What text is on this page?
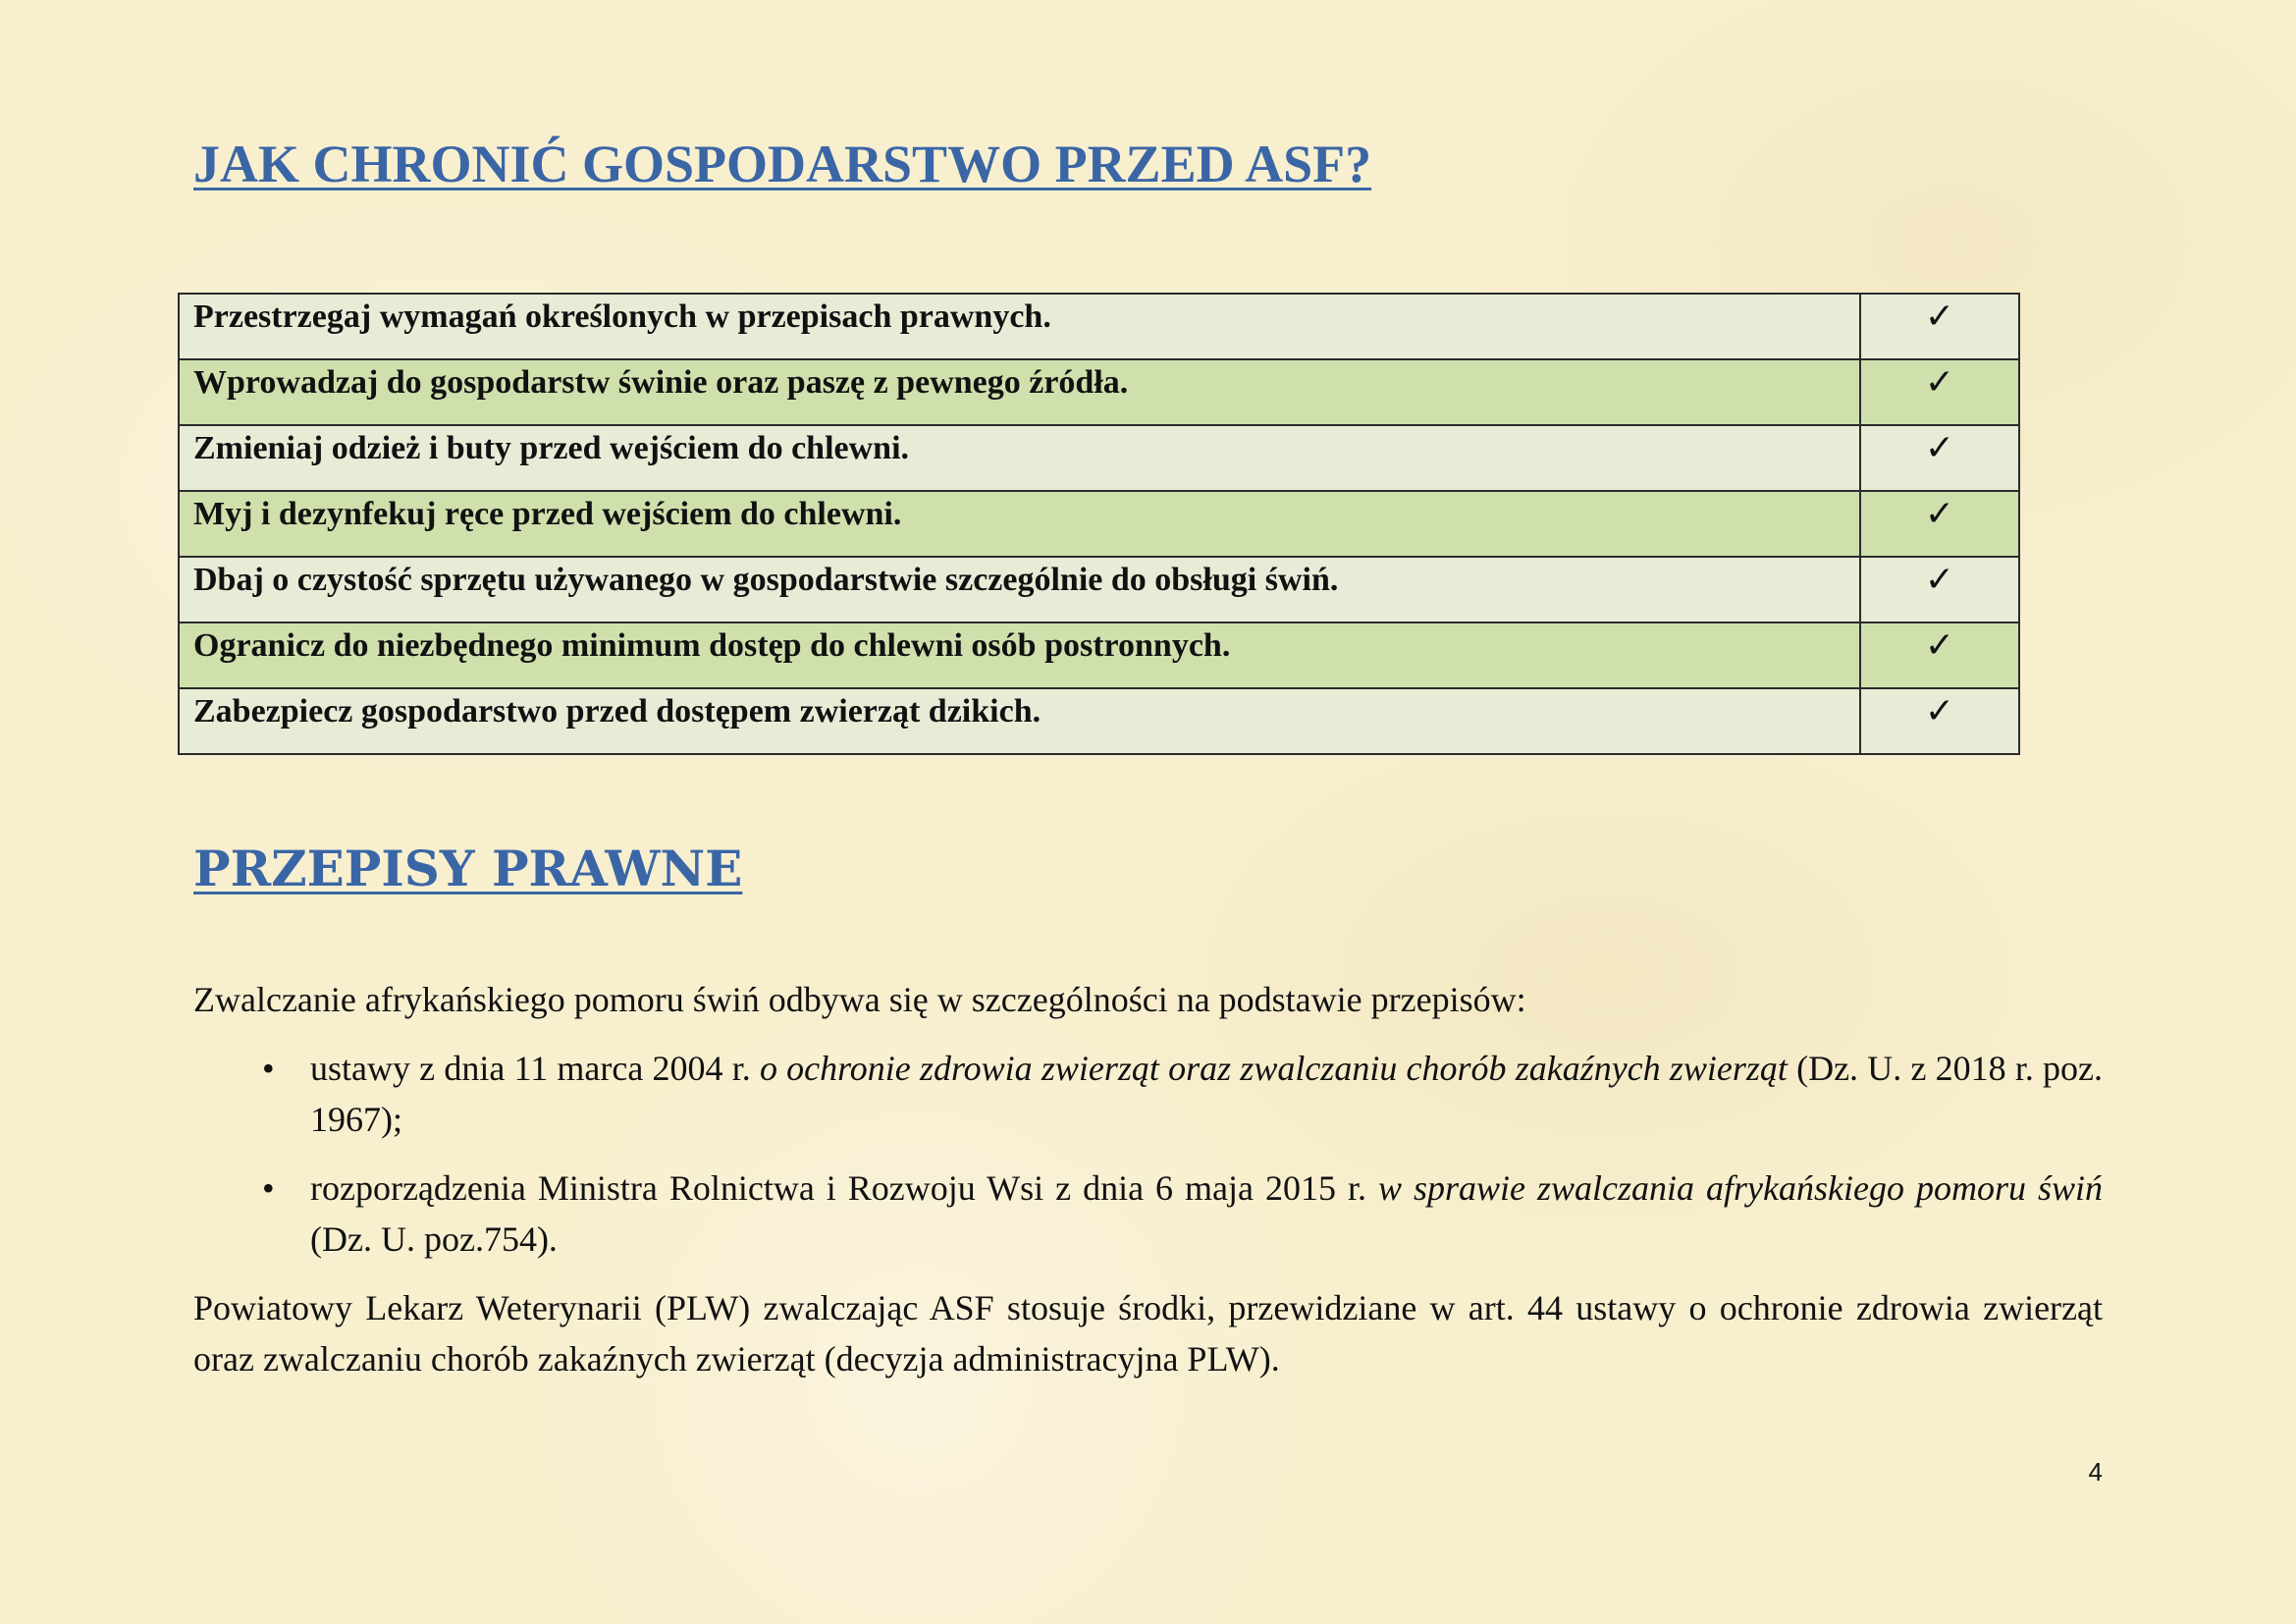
JAK CHRONIĆ GOSPODARSTWO PRZED ASF?
Przestrzegaj wymagań określonych w przepisach prawnych.	✓
Wprowadzaj do gospodarstw świnie oraz paszę z pewnego źródła.	✓
Zmieniaj odzież i buty przed wejściem do chlewni.	✓
Myj i dezynfekuj ręce przed wejściem do chlewni.	✓
Dbaj o czystość sprzętu używanego w gospodarstwie szczególnie do obsługi świń.	✓
Ogranicz do niezbędnego minimum dostęp do chlewni osób postronnych.	✓
Zabezpiecz gospodarstwo przed dostępem zwierząt dzikich.	✓
PRZEPISY PRAWNE

Zwalczanie afrykańskiego pomoru świń odbywa się w szczególności na podstawie przepisów:

• ustawy z dnia 11 marca 2004 r. o ochronie zdrowia zwierząt oraz zwalczaniu chorób zakaźnych zwierząt (Dz. U. z 2018 r. poz. 1967);
• rozporządzenia Ministra Rolnictwa i Rozwoju Wsi z dnia 6 maja 2015 r. w sprawie zwalczania afrykańskiego pomoru świń (Dz. U. poz.754).

Powiatowy Lekarz Weterynarii (PLW) zwalczając ASF stosuje środki, przewidziane w art. 44 ustawy o ochronie zdrowia zwierząt oraz zwalczaniu chorób zakaźnych zwierząt (decyzja administracyjna PLW).

4
